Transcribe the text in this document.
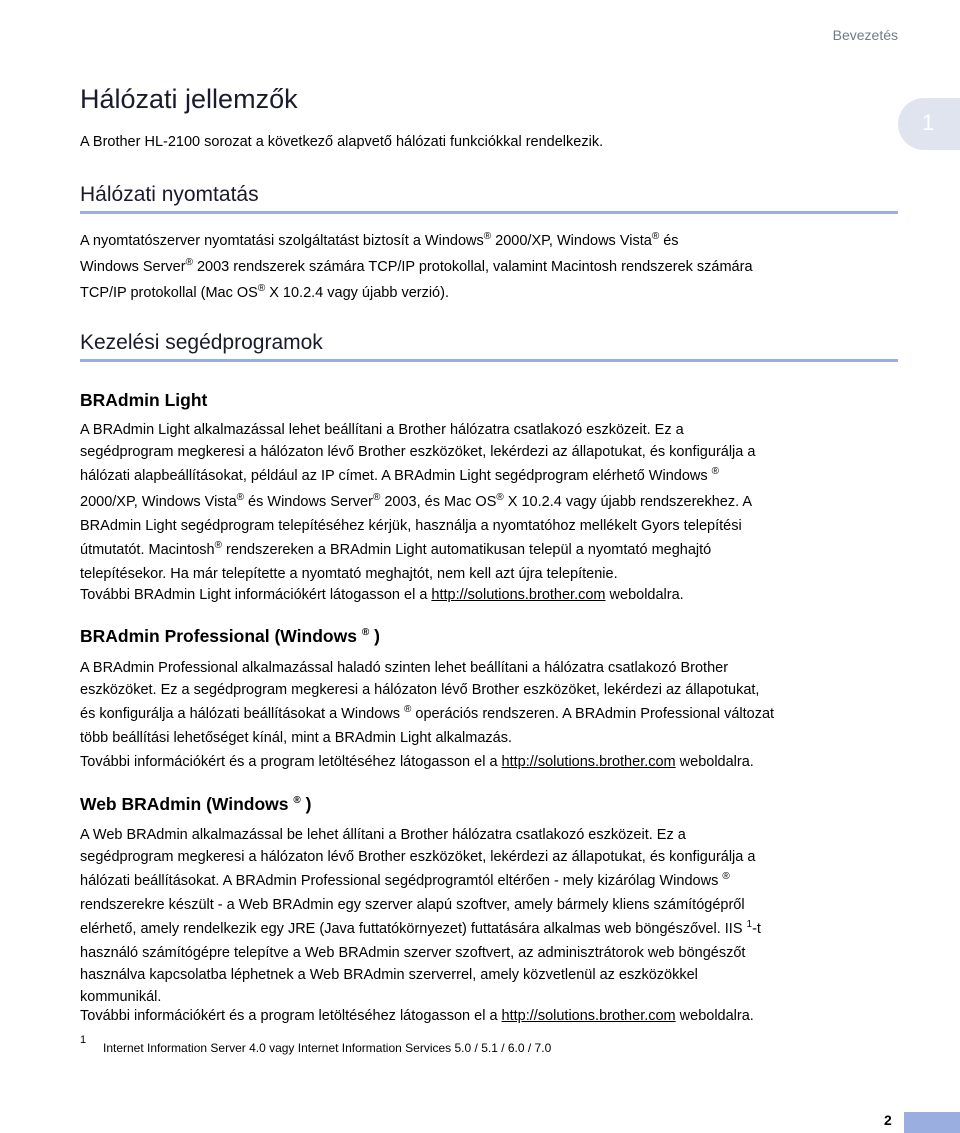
Bevezetés
1
Hálózati jellemzők
A Brother HL-2100 sorozat a következő alapvető hálózati funkciókkal rendelkezik.
Hálózati nyomtatás
A nyomtatószerver nyomtatási szolgáltatást biztosít a Windows® 2000/XP, Windows Vista® és
Windows Server® 2003 rendszerek számára TCP/IP protokollal, valamint Macintosh rendszerek számára
TCP/IP protokollal (Mac OS® X 10.2.4 vagy újabb verzió).
Kezelési segédprogramok
BRAdmin Light
A BRAdmin Light alkalmazással lehet beállítani a Brother hálózatra csatlakozó eszközeit. Ez a
segédprogram megkeresi a hálózaton lévő Brother eszközöket, lekérdezi az állapotukat, és konfigurálja a
hálózati alapbeállításokat, például az IP címet. A BRAdmin Light segédprogram elérhető Windows ®
2000/XP, Windows Vista® és Windows Server® 2003, és Mac OS® X 10.2.4 vagy újabb rendszerekhez. A
BRAdmin Light segédprogram telepítéséhez kérjük, használja a nyomtatóhoz mellékelt Gyors telepítési
útmutatót. Macintosh® rendszereken a BRAdmin Light automatikusan települ a nyomtató meghajtó
telepítésekor. Ha már telepítette a nyomtató meghajtót, nem kell azt újra telepítenie.
További BRAdmin Light információkért látogasson el a http://solutions.brother.com weboldalra.
BRAdmin Professional (Windows ® )
A BRAdmin Professional alkalmazással haladó szinten lehet beállítani a hálózatra csatlakozó Brother
eszközöket. Ez a segédprogram megkeresi a hálózaton lévő Brother eszközöket, lekérdezi az állapotukat,
és konfigurálja a hálózati beállításokat a Windows ® operációs rendszeren. A BRAdmin Professional változat
több beállítási lehetőséget kínál, mint a BRAdmin Light alkalmazás.
További információkért és a program letöltéséhez látogasson el a http://solutions.brother.com weboldalra.
Web BRAdmin (Windows ® )
A Web BRAdmin alkalmazással be lehet állítani a Brother hálózatra csatlakozó eszközeit. Ez a
segédprogram megkeresi a hálózaton lévő Brother eszközöket, lekérdezi az állapotukat, és konfigurálja a
hálózati beállításokat. A BRAdmin Professional segédprogramtól eltérően - mely kizárólag Windows ®
rendszerekre készült - a Web BRAdmin egy szerver alapú szoftver, amely bármely kliens számítógépről
elérhető, amely rendelkezik egy JRE (Java futtatókörnyezet) futtatására alkalmas web böngészővel. IIS $^1$-t
használó számítógépre telepítve a Web BRAdmin szerver szoftvert, az adminisztrátorok web böngészőt
használva kapcsolatba léphetnek a Web BRAdmin szerverrel, amely közvetlenül az eszközökkel
kommunikál.
További információkért és a program letöltéséhez látogasson el a http://solutions.brother.com weboldalra.
1
Internet Information Server 4.0 vagy Internet Information Services 5.0 / 5.1 / 6.0 / 7.0
2
